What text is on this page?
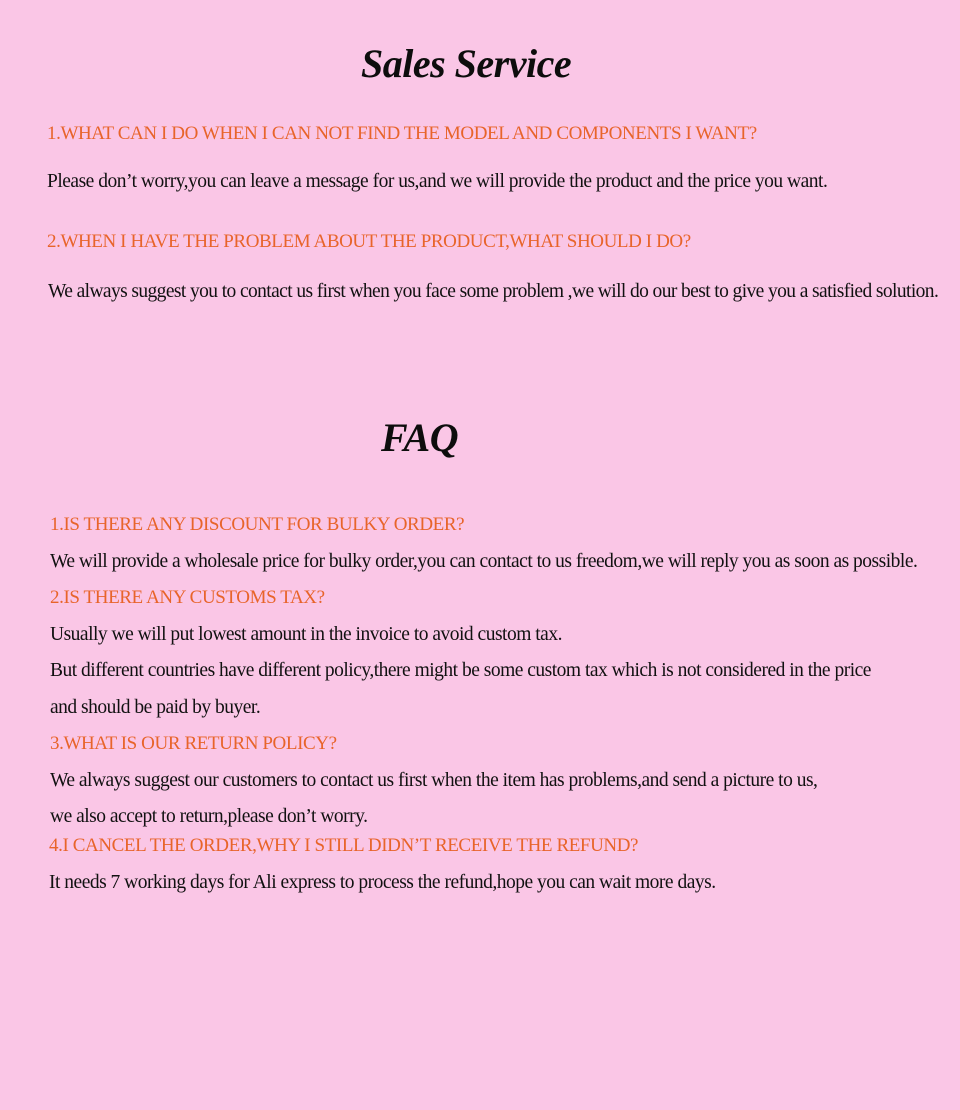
Sales Service

1.WHAT CAN I DO WHEN I CAN NOT FIND THE MODEL AND COMPONENTS I WANT?

Please don’t worry,you can leave a message for us,and we will provide the product and the price you want.

2.WHEN I HAVE THE PROBLEM ABOUT THE PRODUCT,WHAT SHOULD I DO?

We always suggest you to contact us first when you face some problem ,we will do our best to give you a satisfied solution.

FAQ

1.IS THERE ANY DISCOUNT FOR BULKY ORDER?

We will provide a wholesale price for bulky order,you can contact to us freedom,we will reply you as soon as possible.

2.IS THERE ANY CUSTOMS TAX?

Usually we will put lowest amount in the invoice to avoid custom tax.

But different countries have different policy,there might be some custom tax which is not considered in the price

and should be paid by buyer.

3.WHAT IS OUR RETURN POLICY?

We always suggest our customers to contact us first when the item has problems,and send a picture to us,

we also accept to return,please don’t worry.

4.I CANCEL THE ORDER,WHY I STILL DIDN’T RECEIVE THE REFUND?

It needs 7 working days for Ali express to process the refund,hope you can wait more days.
